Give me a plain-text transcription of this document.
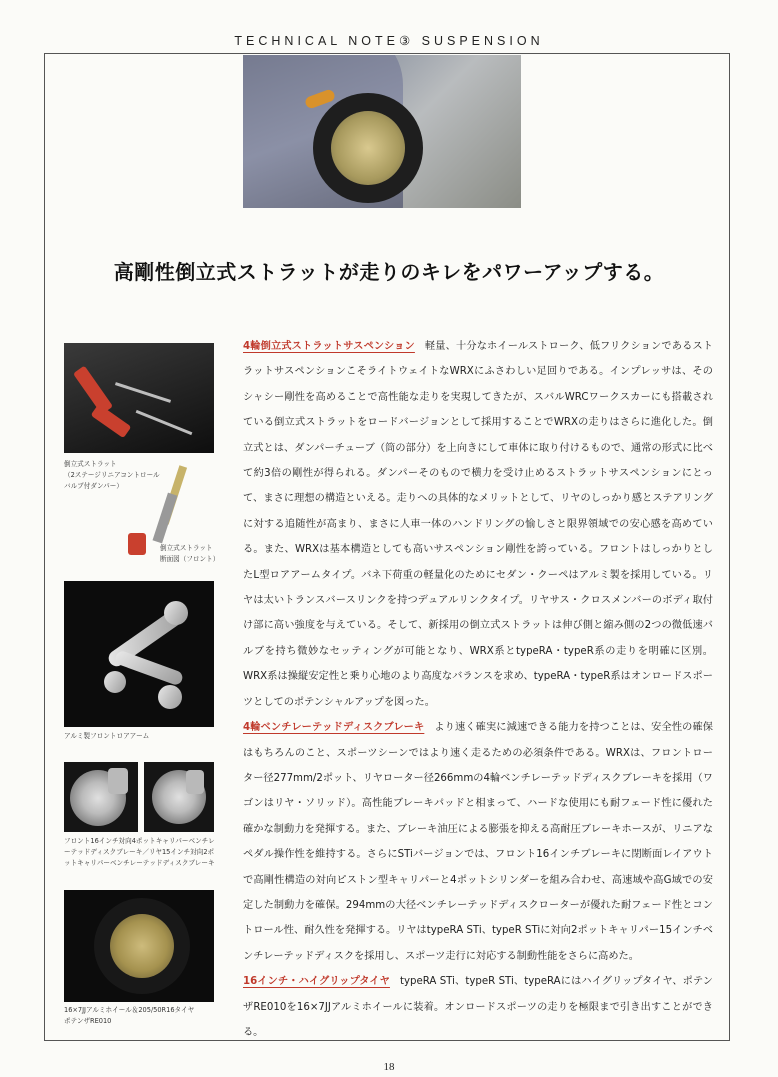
TECHNICAL NOTE③ SUSPENSION
高剛性倒立式ストラットが走りのキレをパワーアップする。
倒立式ストラット
（2ステージリニアコントロール
バルブ付ダンパー）
倒立式ストラット
断面図（フロント）
アルミ製フロントロアアーム
フロント16インチ対向4ポットキャリパーベンチレーテッドディスクブレーキ／リヤ15インチ対向2ポットキャリパーベンチレーテッドディスクブレーキ
16×7JJアルミホイール＆205/50R16タイヤ
ポテンザRE010

4輪倒立式ストラットサスペンション 軽量、十分なホイールストローク、低フリクションであるストラットサスペンションこそライトウェイトなWRXにふさわしい足回りである。インプレッサは、そのシャシー剛性を高めることで高性能な走りを実現してきたが、スバルWRCワークスカーにも搭載されている倒立式ストラットをロードバージョンとして採用することでWRXの走りはさらに進化した。倒立式とは、ダンパーチューブ（筒の部分）を上向きにして車体に取り付けるもので、通常の形式に比べて約3倍の剛性が得られる。ダンパーそのもので横力を受け止めるストラットサスペンションにとって、まさに理想の構造といえる。走りへの具体的なメリットとして、リヤのしっかり感とステアリングに対する追随性が高まり、まさに人車一体のハンドリングの愉しさと限界領域での安心感を高めている。また、WRXは基本構造としても高いサスペンション剛性を誇っている。フロントはしっかりとしたL型ロアアームタイプ。バネ下荷重の軽量化のためにセダン・クーペはアルミ製を採用している。リヤは太いトランスバースリンクを持つデュアルリンクタイプ。リヤサス・クロスメンバーのボディ取付け部に高い強度を与えている。そして、新採用の倒立式ストラットは伸び側と縮み側の2つの微低速バルブを持ち微妙なセッティングが可能となり、WRX系とtypeRA・typeR系の走りを明確に区別。WRX系は操縦安定性と乗り心地のより高度なバランスを求め、typeRA・typeR系はオンロードスポーツとしてのポテンシャルアップを図った。

4輪ベンチレーテッドディスクブレーキ より速く確実に減速できる能力を持つことは、安全性の確保はもちろんのこと、スポーツシーンではより速く走るための必須条件である。WRXは、フロントローター径277mm/2ポット、リヤローター径266mmの4輪ベンチレーテッドディスクブレーキを採用（ワゴンはリヤ・ソリッド）。高性能ブレーキパッドと相まって、ハードな使用にも耐フェード性に優れた確かな制動力を発揮する。また、ブレーキ油圧による膨張を抑える高耐圧ブレーキホースが、リニアなペダル操作性を維持する。さらにSTiバージョンでは、フロント16インチブレーキに閉断面レイアウトで高剛性構造の対向ピストン型キャリパーと4ポットシリンダーを組み合わせ、高速域や高G域での安定した制動力を確保。294mmの大径ベンチレーテッドディスクローターが優れた耐フェード性とコントロール性、耐久性を発揮する。リヤはtypeRA STi、typeR STiに対向2ポットキャリパー15インチベンチレーテッドディスクを採用し、スポーツ走行に対応する制動性能をさらに高めた。

16インチ・ハイグリップタイヤ typeRA STi、typeR STi、typeRAにはハイグリップタイヤ、ポテンザRE010を16×7JJアルミホイールに装着。オンロードスポーツの走りを極限まで引き出すことができる。

18
